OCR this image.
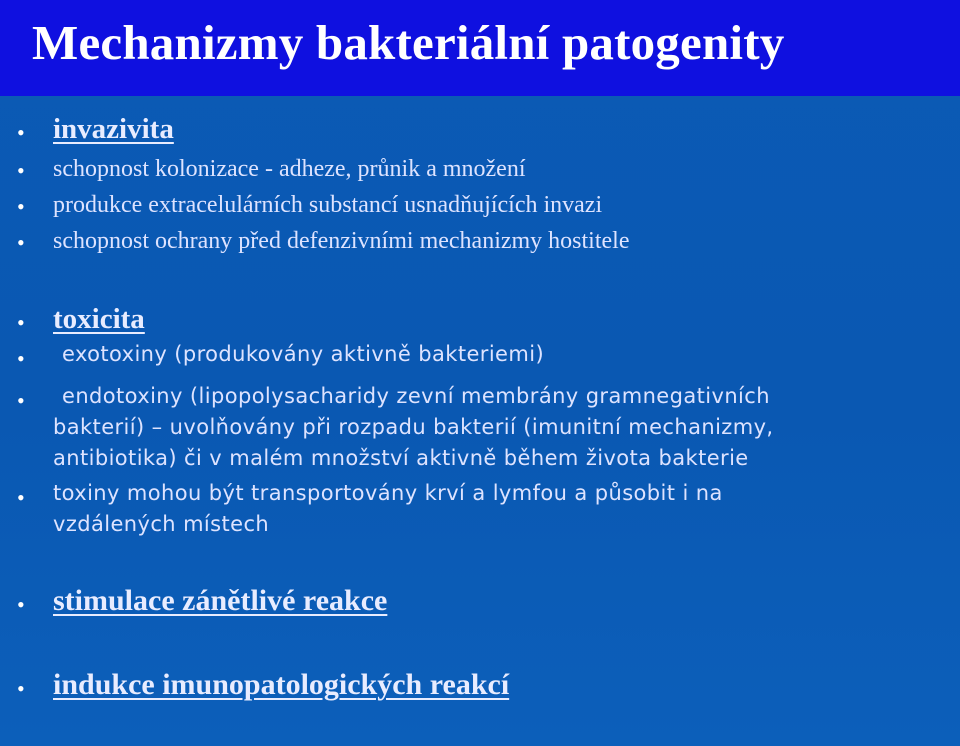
Mechanizmy bakteriální patogenity
• invazivita
• schopnost kolonizace - adheze, průnik a množení
• produkce extracelulárních substancí usnadňujících invazi
• schopnost ochrany před defenzivními mechanizmy hostitele
• toxicita
• exotoxiny (produkovány aktivně bakteriemi)
•	endotoxiny (lipopolysacharidy zevní membrány gramnegativních
bakterií) – uvolňovány při rozpadu bakterií (imunitní mechanizmy,
antibiotika) či v malém množství aktivně během života bakterie
• toxiny mohou být transportovány krví a lymfou a působit i na
vzdálených místech
• stimulace zánětlivé reakce
• indukce imunopatologických reakcí
